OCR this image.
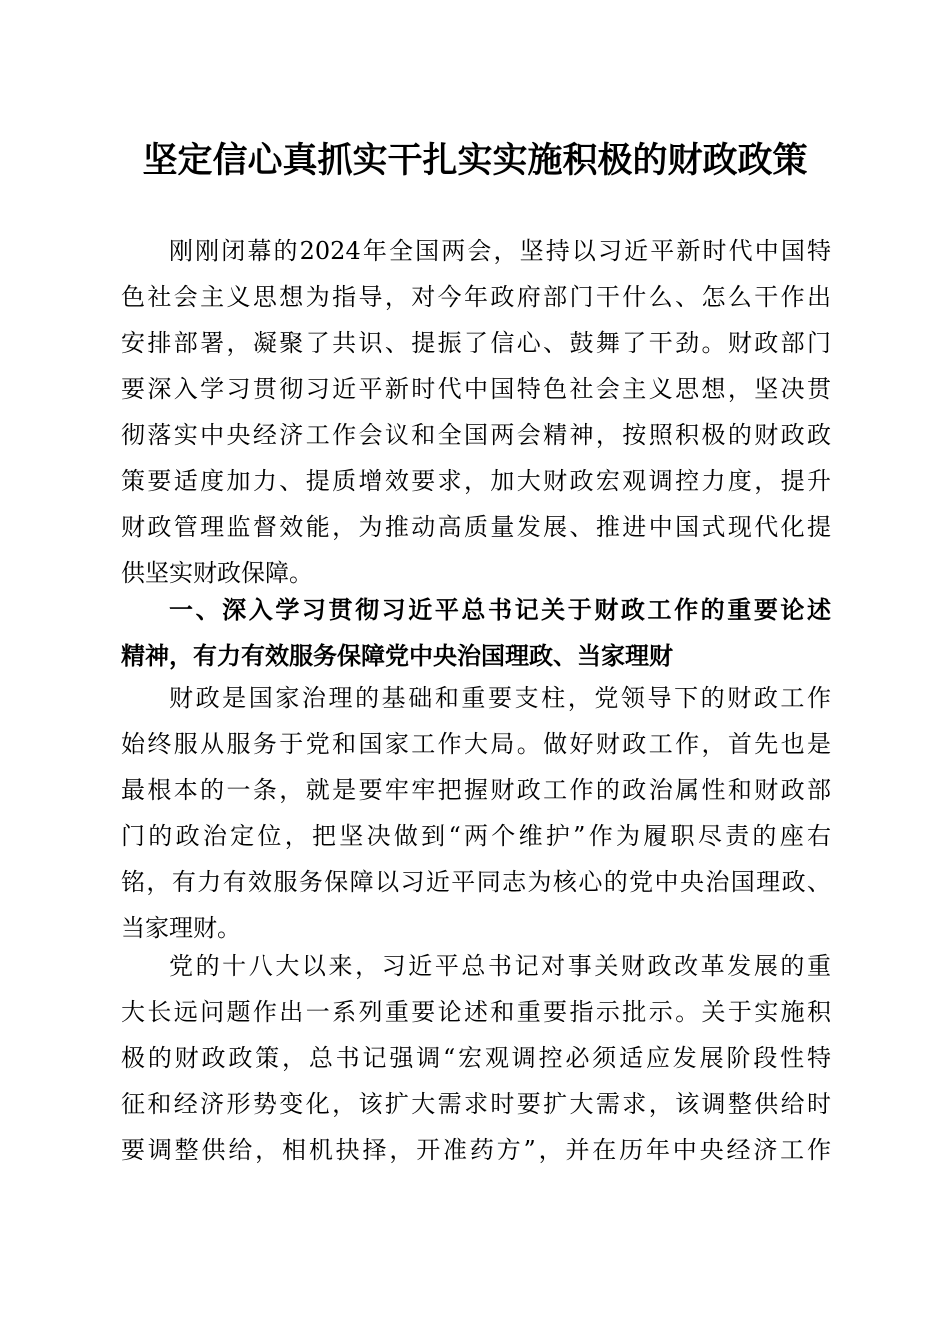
坚定信心真抓实干扎实实施积极的财政政策
刚刚闭幕的2024年全国两会，坚持以习近平新时代中国特
色社会主义思想为指导，对今年政府部门干什么、怎么干作出
安排部署，凝聚了共识、提振了信心、鼓舞了干劲。财政部门
要深入学习贯彻习近平新时代中国特色社会主义思想，坚决贯
彻落实中央经济工作会议和全国两会精神，按照积极的财政政
策要适度加力、提质增效要求，加大财政宏观调控力度，提升
财政管理监督效能，为推动高质量发展、推进中国式现代化提
供坚实财政保障。
一、深入学习贯彻习近平总书记关于财政工作的重要论述
精神，有力有效服务保障党中央治国理政、当家理财
财政是国家治理的基础和重要支柱，党领导下的财政工作
始终服从服务于党和国家工作大局。做好财政工作，首先也是
最根本的一条，就是要牢牢把握财政工作的政治属性和财政部
门的政治定位，把坚决做到“两个维护”作为履职尽责的座右
铭，有力有效服务保障以习近平同志为核心的党中央治国理政、
当家理财。
党的十八大以来，习近平总书记对事关财政改革发展的重
大长远问题作出一系列重要论述和重要指示批示。关于实施积
极的财政政策，总书记强调“宏观调控必须适应发展阶段性特
征和经济形势变化，该扩大需求时要扩大需求，该调整供给时
要调整供给，相机抉择，开准药方”，并在历年中央经济工作
